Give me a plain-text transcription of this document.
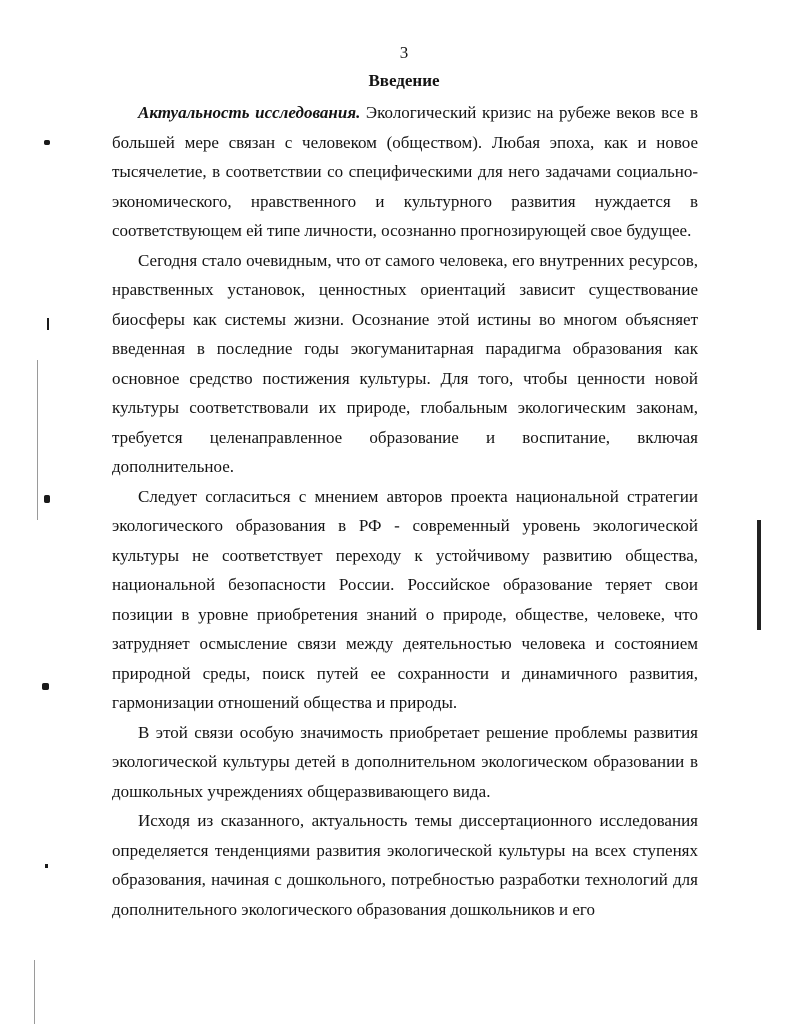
3
Введение

Актуальность исследования. Экологический кризис на рубеже веков все в большей мере связан с человеком (обществом). Любая эпоха, как и новое тысячелетие, в соответствии со специфическими для него задачами социально-экономического, нравственного и культурного развития нуждается в соответствующем ей типе личности, осознанно прогнозирующей свое будущее.

Сегодня стало очевидным, что от самого человека, его внутренних ресурсов, нравственных установок, ценностных ориентаций зависит существование биосферы как системы жизни. Осознание этой истины во многом объясняет введенная в последние годы экогуманитарная парадигма образования как основное средство постижения культуры. Для того, чтобы ценности новой культуры соответствовали их природе, глобальным экологическим законам, требуется целенаправленное образование и воспитание, включая дополнительное.

Следует согласиться с мнением авторов проекта национальной стратегии экологического образования в РФ - современный уровень экологической культуры не соответствует переходу к устойчивому развитию общества, национальной безопасности России. Российское образование теряет свои позиции в уровне приобретения знаний о природе, обществе, человеке, что затрудняет осмысление связи между деятельностью человека и состоянием природной среды, поиск путей ее сохранности и динамичного развития, гармонизации отношений общества и природы.

В этой связи особую значимость приобретает решение проблемы развития экологической культуры детей в дополнительном экологическом образовании в дошкольных учреждениях общеразвивающего вида.

Исходя из сказанного, актуальность темы диссертационного исследования определяется тенденциями развития экологической культуры на всех ступенях образования, начиная с дошкольного, потребностью разработки технологий для дополнительного экологического образования дошкольников и его
